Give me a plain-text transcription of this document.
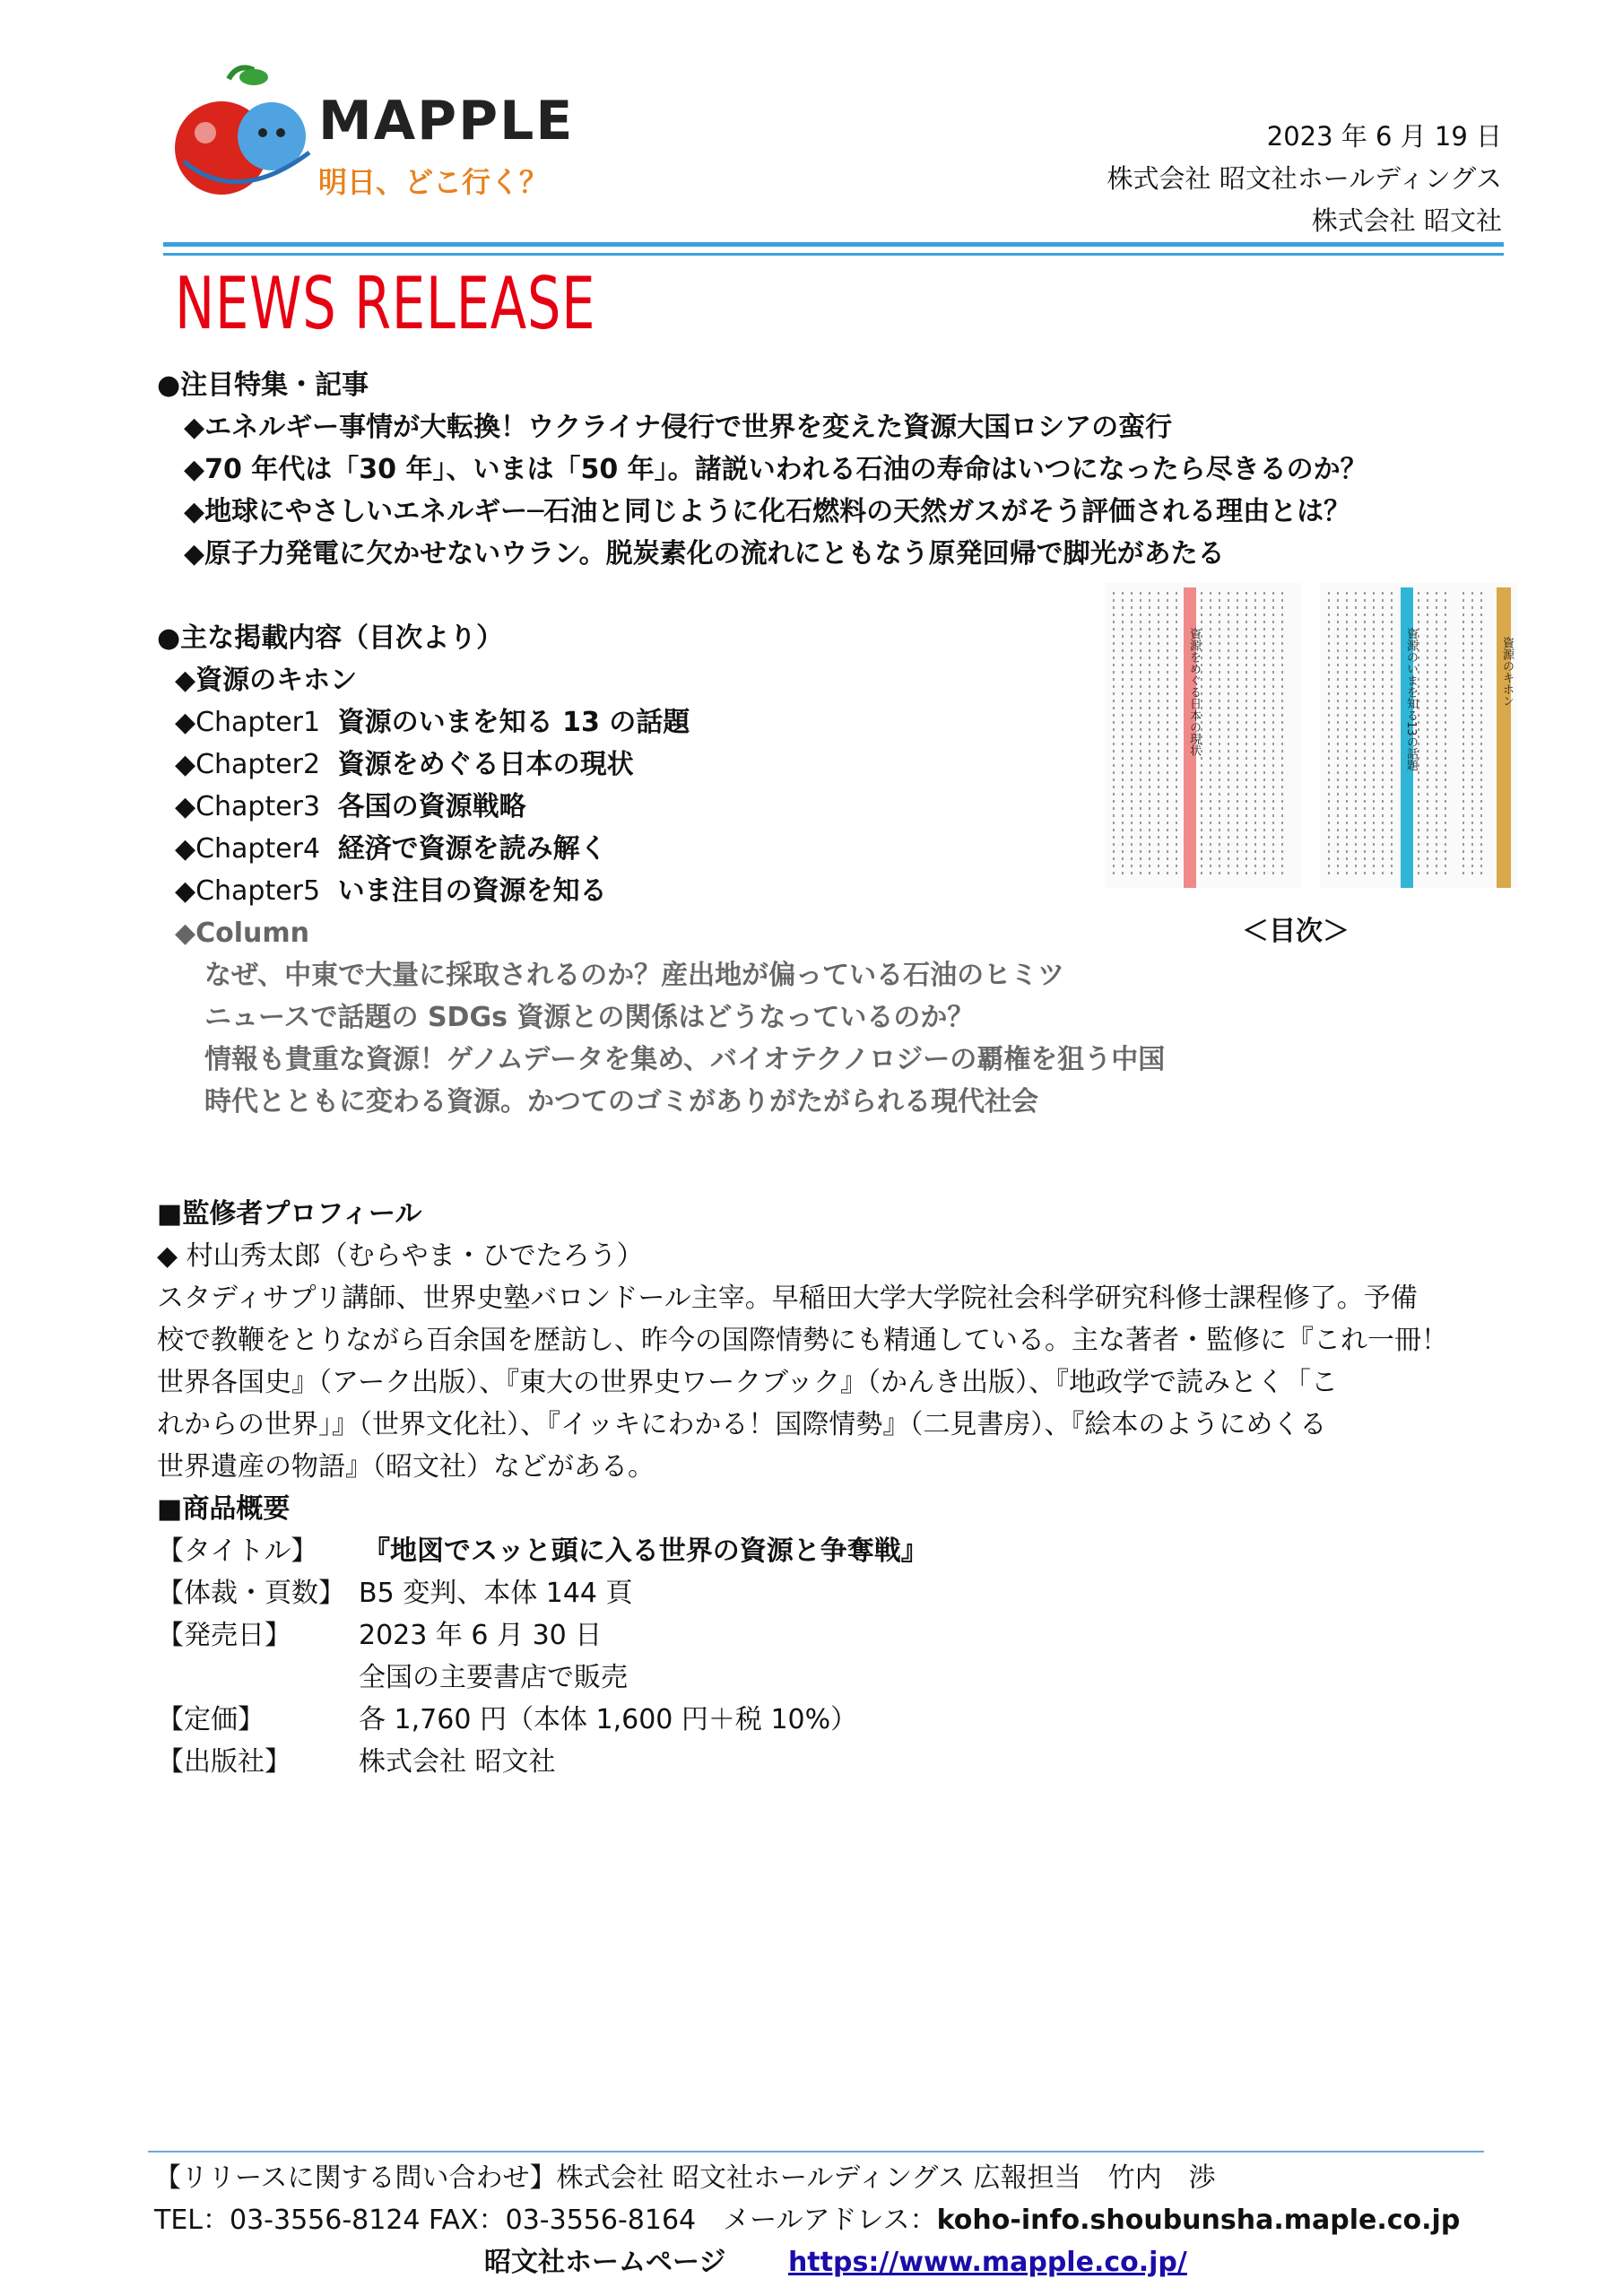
MAPPLE
明日、どこ行く？
2023 年 6 月 19 日
株式会社 昭文社ホールディングス
株式会社 昭文社
NEWS RELEASE
●注目特集・記事
◆エネルギー事情が大転換！ウクライナ侵行で世界を変えた資源大国ロシアの蛮行
◆70 年代は「30 年」、いまは「50 年」。諸説いわれる石油の寿命はいつになったら尽きるのか？
◆地球にやさしいエネルギー─石油と同じように化石燃料の天然ガスがそう評価される理由とは？
◆原子力発電に欠かせないウラン。脱炭素化の流れにともなう原発回帰で脚光があたる
●主な掲載内容（目次より）
◆資源のキホン
◆Chapter1 資源のいまを知る 13 の話題
◆Chapter2 資源をめぐる日本の現状
◆Chapter3 各国の資源戦略
◆Chapter4 経済で資源を読み解く
◆Chapter5 いま注目の資源を知る
◆Column
なぜ、中東で大量に採取されるのか？産出地が偏っている石油のヒミツ
ニュースで話題の SDGs 資源との関係はどうなっているのか？
情報も貴重な資源！ゲノムデータを集め、バイオテクノロジーの覇権を狙う中国
時代とともに変わる資源。かつてのゴミがありがたがられる現代社会
資源をめぐる日本の現状	資源のいまを知る13の話題	資源のキホン
＜目次＞
■監修者プロフィール
◆ 村山秀太郎（むらやま・ひでたろう）
スタディサプリ講師、世界史塾バロンドール主宰。早稲田大学大学院社会科学研究科修士課程修了。予備
校で教鞭をとりながら百余国を歴訪し、昨今の国際情勢にも精通している。主な著者・監修に『これ一冊！
世界各国史』（アーク出版）、『東大の世界史ワークブック』（かんき出版）、『地政学で読みとく「こ
れからの世界」』（世界文化社）、『イッキにわかる！国際情勢』（二見書房）、『絵本のようにめくる
世界遺産の物語』（昭文社）などがある。
■商品概要
【タイトル】 『地図でスッと頭に入る世界の資源と争奪戦』
【体裁・頁数】 B5 変判、本体 144 頁
【発売日】	2023 年 6 月 30 日
全国の主要書店で販売
【定価】	各 1,760 円（本体 1,600 円＋税 10%）
【出版社】	株式会社 昭文社
【リリースに関する問い合わせ】株式会社 昭文社ホールディングス 広報担当　竹内　渉
TEL：03-3556-8124 FAX：03-3556-8164　メールアドレス：koho-info.shoubunsha.maple.co.jp
昭文社ホームページ https://www.mapple.co.jp/
